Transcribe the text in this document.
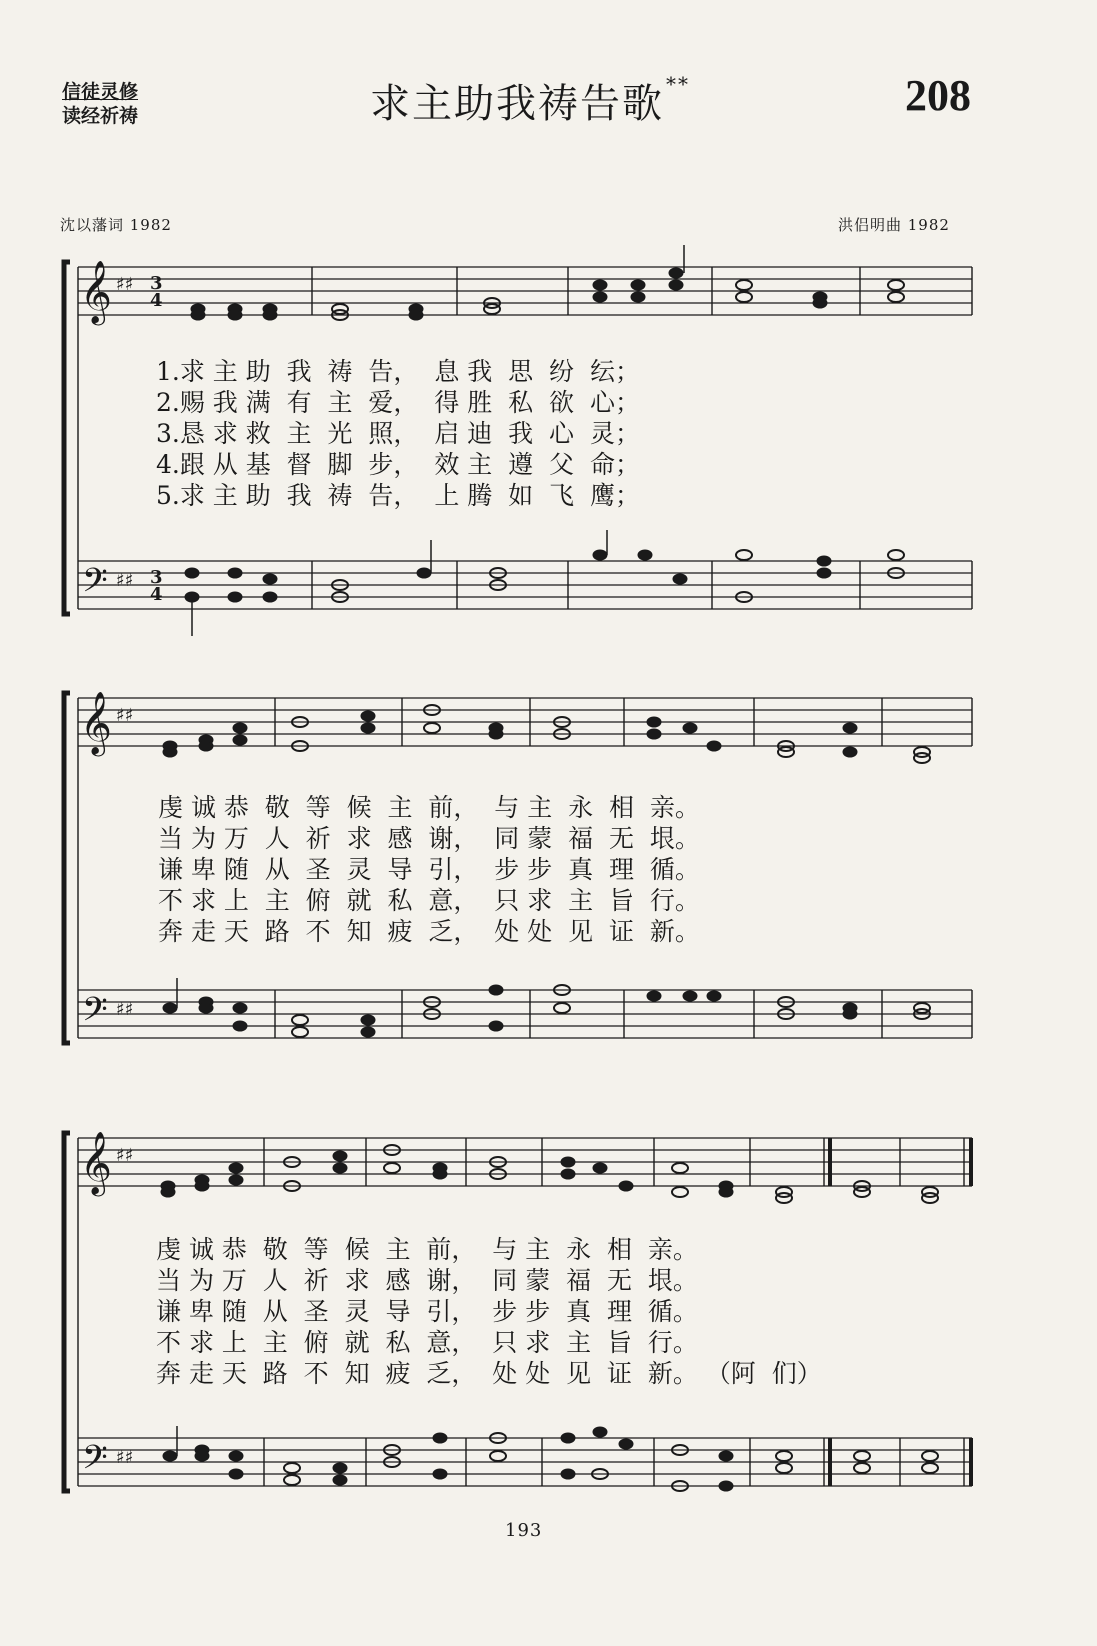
信徒灵修
读经祈祷	求主助我祷告歌 **	208
沈以藩词 1982	洪侣明曲 1982
𝄞
𝄢
♯♯
♯♯
3
4
3
4
1.求 主 助  我  祷  告，  息 我  思  纷  纭；
2.赐 我 满  有  主  爱，  得 胜  私  欲  心；
3.恳 求 救  主  光  照，  启 迪  我  心  灵；
4.跟 从 基  督  脚  步，  效 主  遵  父  命；
5.求 主 助  我  祷  告，  上 腾  如  飞  鹰；
𝄞
𝄢
♯♯
♯♯
虔 诚 恭  敬  等  候  主  前，  与 主  永  相  亲。
当 为 万  人  祈  求  感  谢，  同 蒙  福  无  垠。
谦 卑 随  从  圣  灵  导  引，  步 步  真  理  循。
不 求 上  主  俯  就  私  意，  只 求  主  旨  行。
奔 走 天  路  不  知  疲  乏，  处 处  见  证  新。
𝄞
𝄢
♯♯
♯♯
虔 诚 恭  敬  等  候  主  前，  与 主  永  相  亲。
当 为 万  人  祈  求  感  谢，  同 蒙  福  无  垠。
谦 卑 随  从  圣  灵  导  引，  步 步  真  理  循。
不 求 上  主  俯  就  私  意，  只 求  主  旨  行。
奔 走 天  路  不  知  疲  乏，  处 处  见  证  新。 （阿  们）
193
